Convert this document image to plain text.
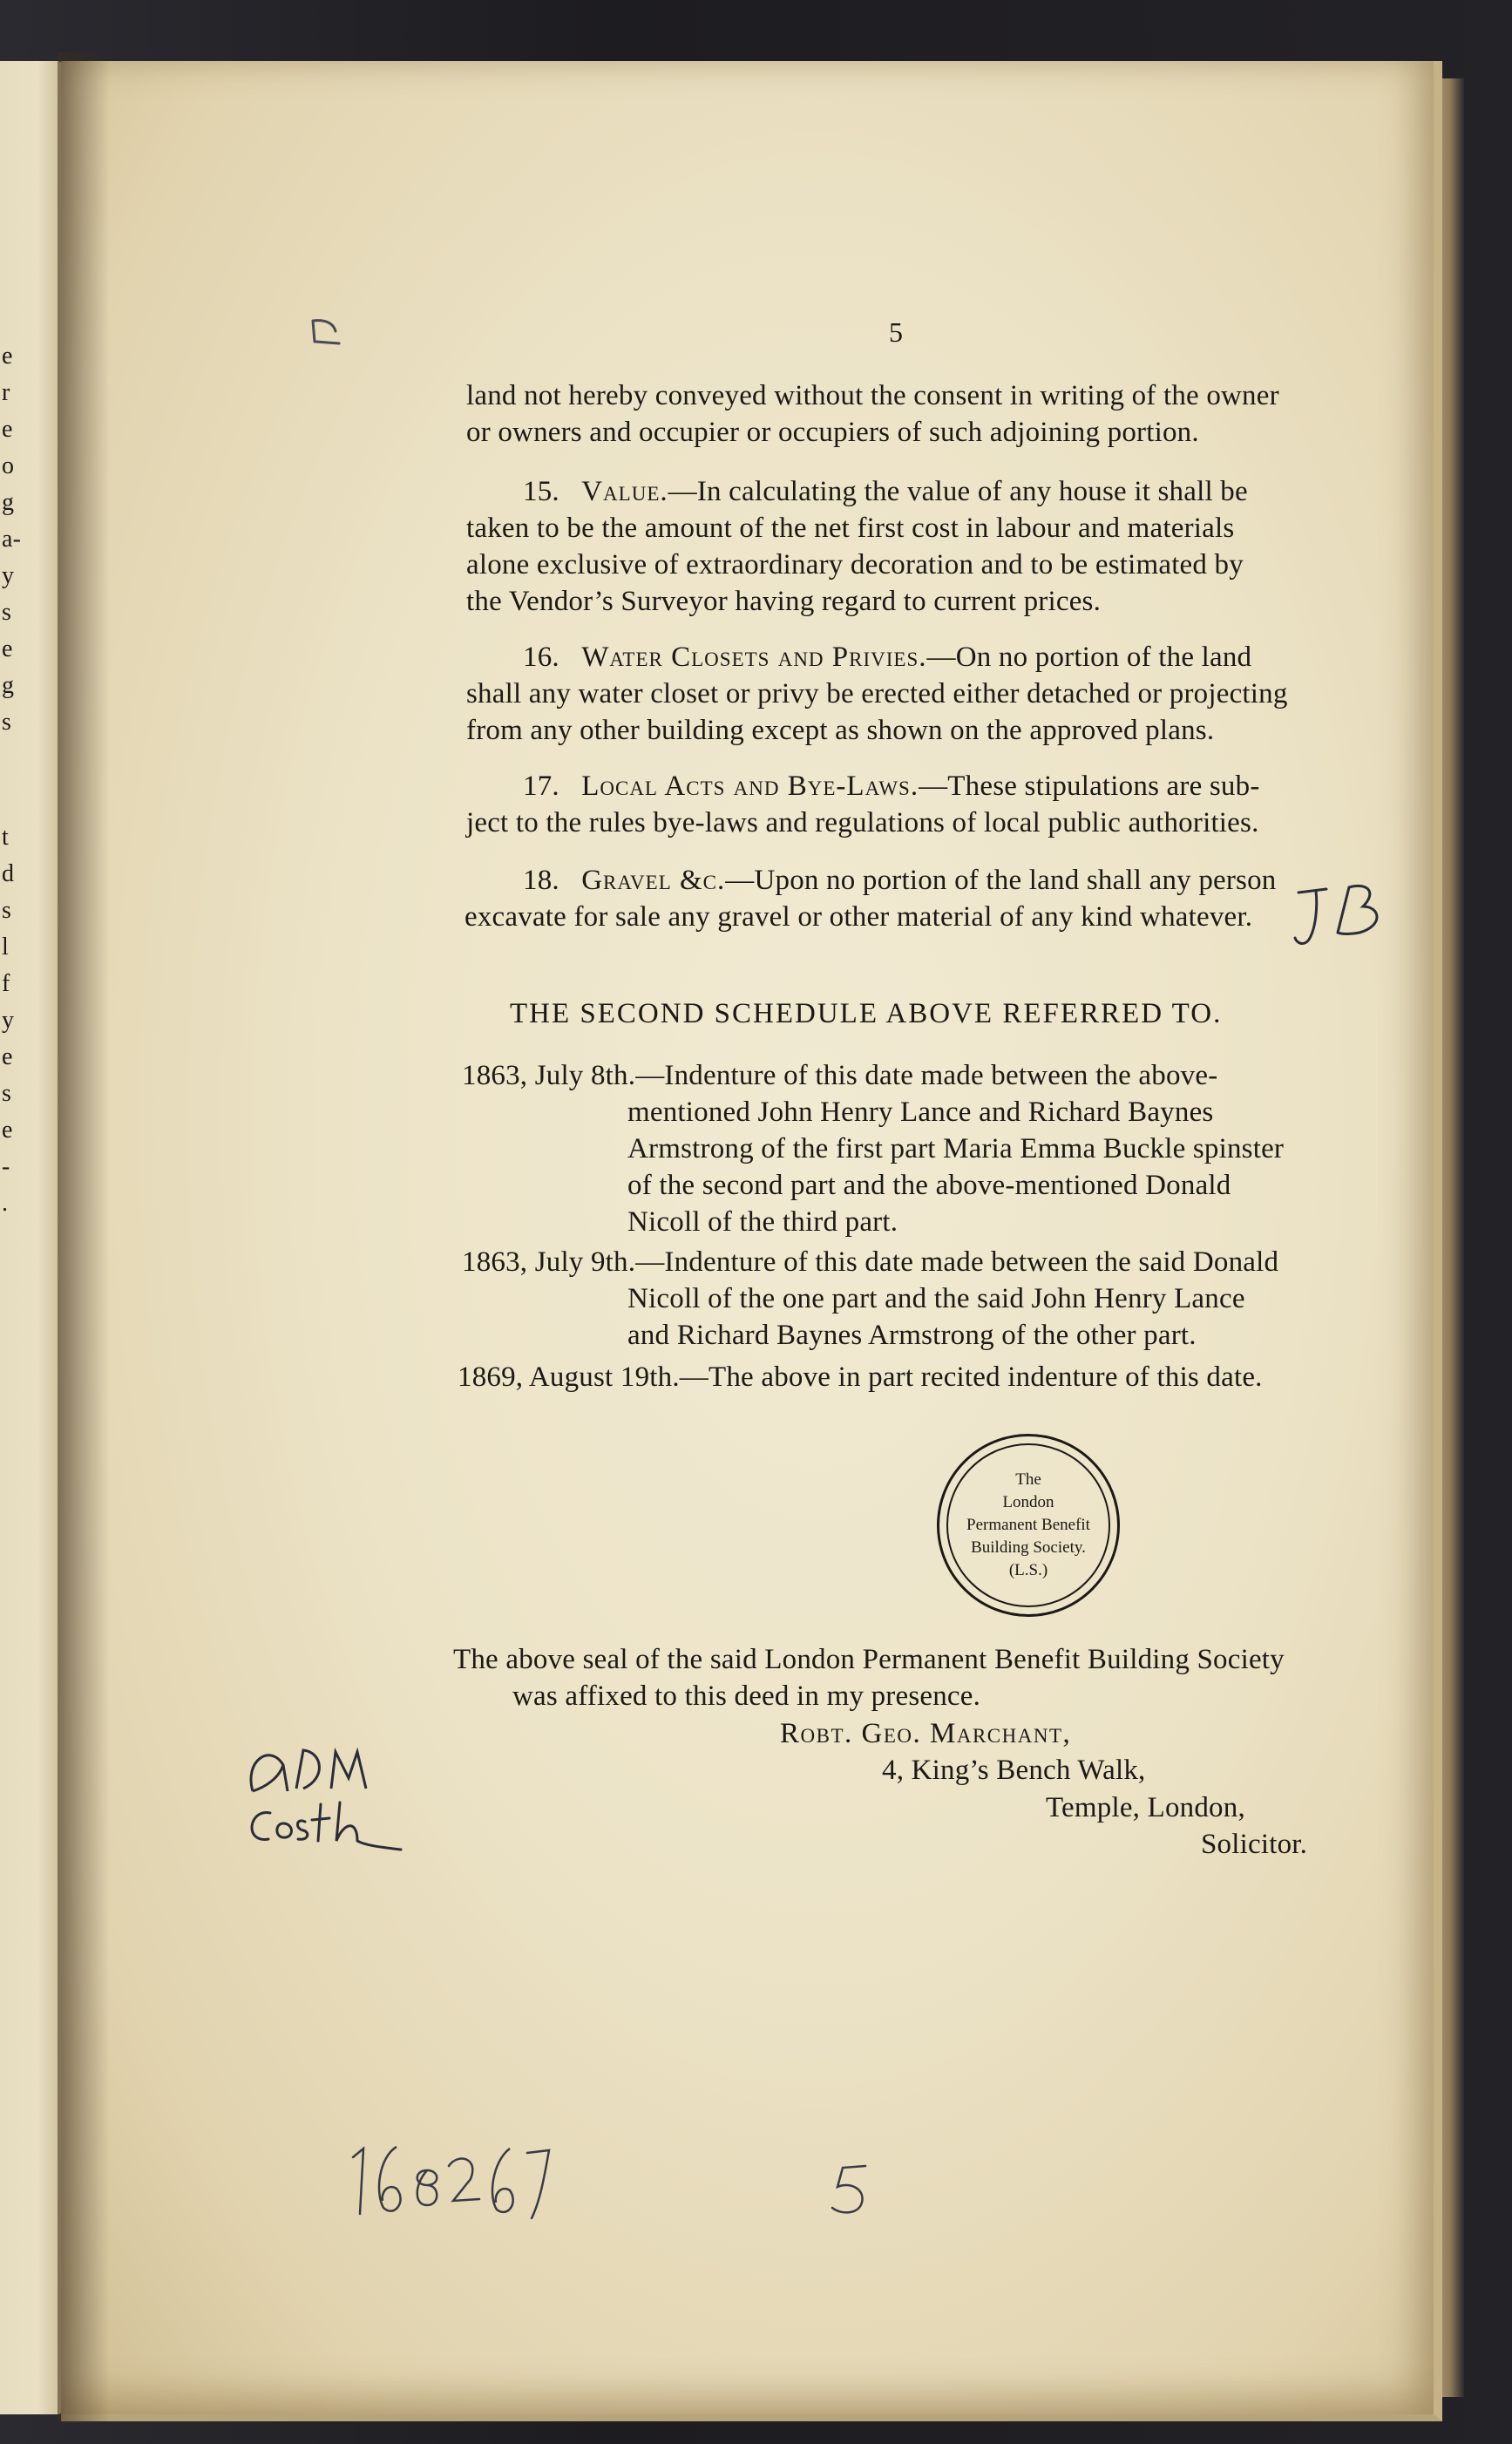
e
r
e
o
g
a-
y
s
e
g
s
t
d
s
l
f
y
e
s
e
-
.
5
land not hereby conveyed without the consent in writing of the owner
or owners and occupier or occupiers of such adjoining portion.
15. Value.—In calculating the value of any house it shall be
taken to be the amount of the net first cost in labour and materials
alone exclusive of extraordinary decoration and to be estimated by
the Vendor’s Surveyor having regard to current prices.
16. Water Closets and Privies.—On no portion of the land
shall any water closet or privy be erected either detached or projecting
from any other building except as shown on the approved plans.
17. Local Acts and Bye-Laws.—These stipulations are sub-
ject to the rules bye-laws and regulations of local public authorities.
18. Gravel &c.—Upon no portion of the land shall any person
excavate for sale any gravel or other material of any kind whatever.
THE SECOND SCHEDULE ABOVE REFERRED TO.
1863, July 8th.—Indenture of this date made between the above-
mentioned John Henry Lance and Richard Baynes
Armstrong of the first part Maria Emma Buckle spinster
of the second part and the above-mentioned Donald
Nicoll of the third part.
1863, July 9th.—Indenture of this date made between the said Donald
Nicoll of the one part and the said John Henry Lance
and Richard Baynes Armstrong of the other part.
1869, August 19th.—The above in part recited indenture of this date.
The
London
Permanent Benefit
Building Society.
(L.S.)
The above seal of the said London Permanent Benefit Building Society
was affixed to this deed in my presence.
Robt. Geo. Marchant,
4, King’s Bench Walk,
Temple, London,
Solicitor.
